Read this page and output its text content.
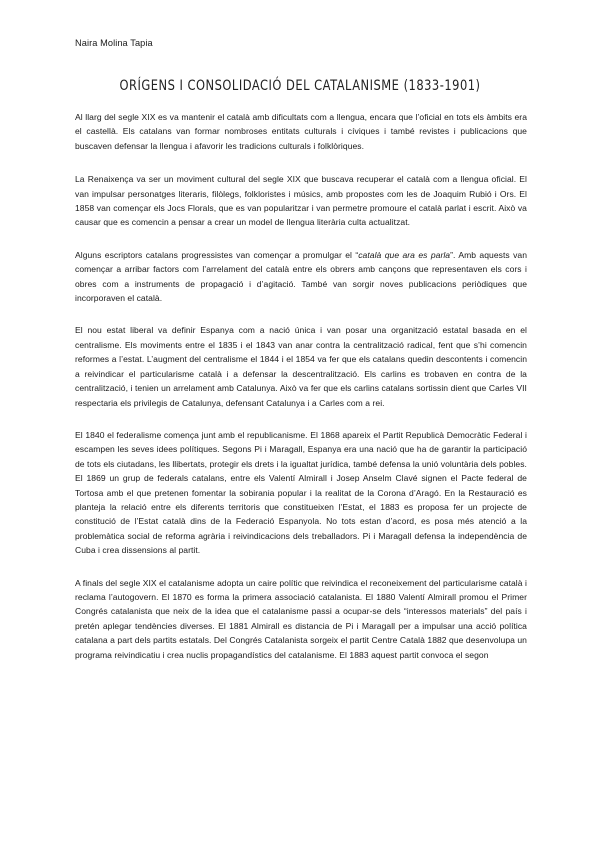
Naira Molina Tapia
ORÍGENS I CONSOLIDACIÓ DEL CATALANISME (1833-1901)

Al llarg del segle XIX es va mantenir el català amb dificultats com a llengua, encara que l’oficial en tots els àmbits era el castellà. Els catalans van formar nombroses entitats culturals i cíviques i també revistes i publicacions que buscaven defensar la llengua i afavorir les tradicions culturals i folklòriques.

La Renaixença va ser un moviment cultural del segle XIX que buscava recuperar el català com a llengua oficial. El van impulsar personatges literaris, filòlegs, folkloristes i músics, amb propostes com les de Joaquim Rubió i Ors. El 1858 van començar els Jocs Florals, que es van popularitzar i van permetre promoure el català parlat i escrit. Això va causar que es comencin a pensar a crear un model de llengua literària culta actualitzat.

Alguns escriptors catalans progressistes van començar a promulgar el “català que ara es parla”. Amb aquests van començar a arribar factors com l’arrelament del català entre els obrers amb cançons que representaven els cors i obres com a instruments de propagació i d’agitació. També van sorgir noves publicacions periòdiques que incorporaven el català.

El nou estat liberal va definir Espanya com a nació única i van posar una organització estatal basada en el centralisme. Els moviments entre el 1835 i el 1843 van anar contra la centralització radical, fent que s’hi comencin reformes a l’estat. L’augment del centralisme el 1844 i el 1854 va fer que els catalans quedin descontents i comencin a reivindicar el particularisme català i a defensar la descentralització. Els carlins es trobaven en contra de la centralització, i tenien un arrelament amb Catalunya. Això va fer que els carlins catalans sortissin dient que Carles VII respectaria els privilegis de Catalunya, defensant Catalunya i a Carles com a rei.

El 1840 el federalisme comença junt amb el republicanisme. El 1868 apareix el Partit Republicà Democràtic Federal i escampen les seves idees polítiques. Segons Pi i Maragall, Espanya era una nació que ha de garantir la participació de tots els ciutadans, les llibertats, protegir els drets i la igualtat jurídica, també defensa la unió voluntària dels pobles. El 1869 un grup de federals catalans, entre els Valentí Almirall i Josep Anselm Clavé signen el Pacte federal de Tortosa amb el que pretenen fomentar la sobirania popular i la realitat de la Corona d’Aragó. En la Restauració es planteja la relació entre els diferents territoris que constitueixen l’Estat, el 1883 es proposa fer un projecte de constitució de l’Estat català dins de la Federació Espanyola. No tots estan d’acord, es posa més atenció a la problemàtica social de reforma agrària i reivindicacions dels treballadors. Pi i Maragall defensa la independència de Cuba i crea dissensions al partit.

A finals del segle XIX el catalanisme adopta un caire polític que reivindica el reconeixement del particularisme català i reclama l’autogovern. El 1870 es forma la primera associació catalanista. El 1880 Valentí Almirall promou el Primer Congrés catalanista que neix de la idea que el catalanisme passi a ocupar-se dels “interessos materials” del país i pretén aplegar tendències diverses. El 1881 Almirall es distancia de Pi i Maragall per a impulsar una acció política catalana a part dels partits estatals. Del Congrés Catalanista sorgeix el partit Centre Català 1882 que desenvolupa un programa reivindicatiu i crea nuclis propagandístics del catalanisme. El 1883 aquest partit convoca el segon
